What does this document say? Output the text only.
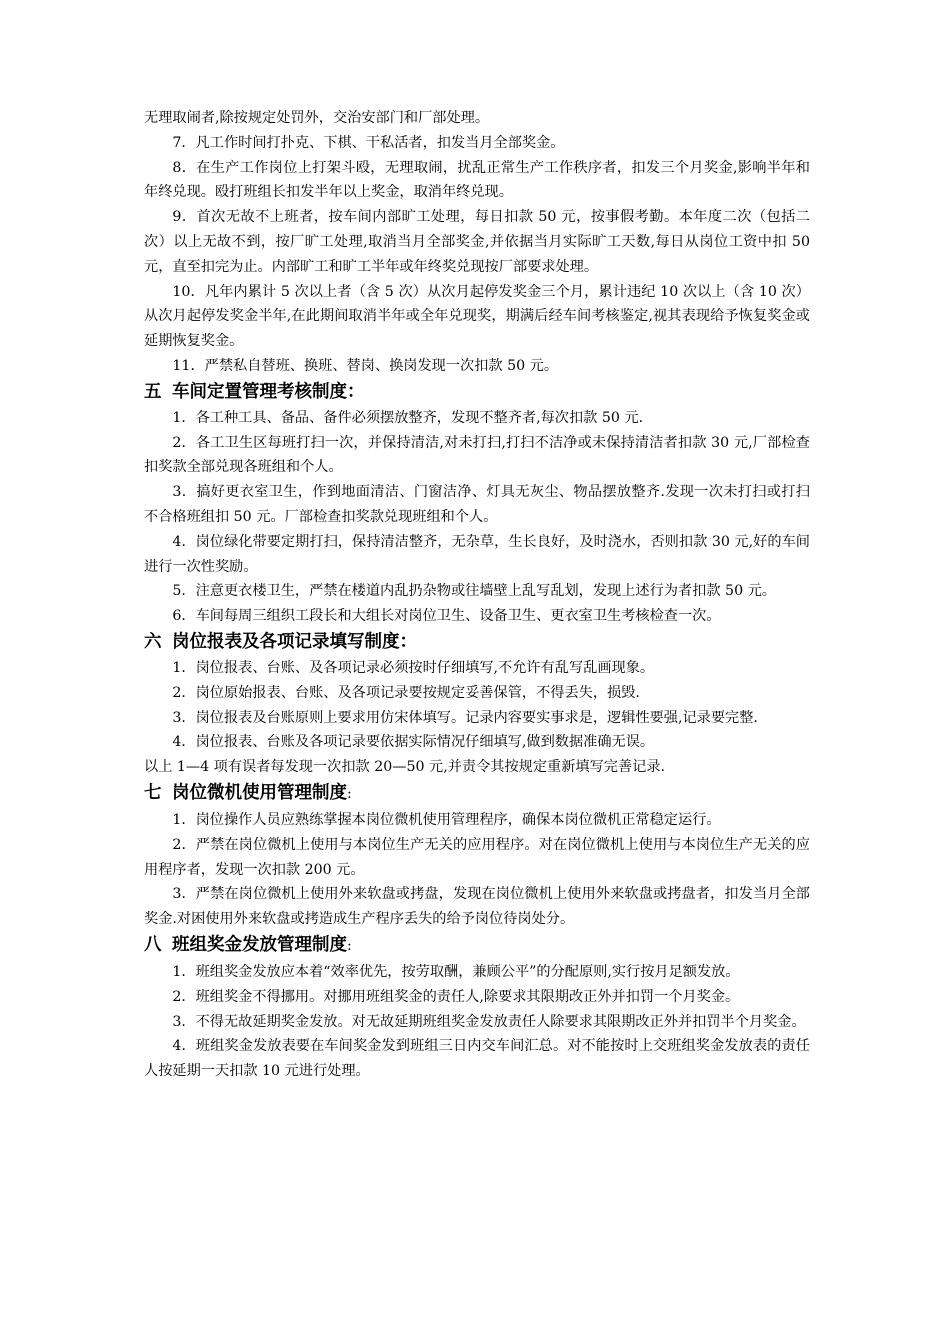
无理取闹者,除按规定处罚外，交治安部门和厂部处理。

7．凡工作时间打扑克、下棋、干私活者，扣发当月全部奖金。

8．在生产工作岗位上打架斗殴，无理取闹，扰乱正常生产工作秩序者，扣发三个月奖金,影响半年和年终兑现。殴打班组长扣发半年以上奖金，取消年终兑现。

9．首次无故不上班者，按车间内部旷工处理，每日扣款 50 元，按事假考勤。本年度二次（包括二次）以上无故不到，按厂旷工处理,取消当月全部奖金,并依据当月实际旷工天数,每日从岗位工资中扣 50 元，直至扣完为止。内部旷工和旷工半年或年终奖兑现按厂部要求处理。

10．凡年内累计 5 次以上者（含 5 次）从次月起停发奖金三个月，累计违纪 10 次以上（含 10 次）从次月起停发奖金半年,在此期间取消半年或全年兑现奖，期满后经车间考核鉴定,视其表现给予恢复奖金或延期恢复奖金。

11．严禁私自替班、换班、替岗、换岗发现一次扣款 50 元。

五 车间定置管理考核制度：

1．各工种工具、备品、备件必须摆放整齐，发现不整齐者,每次扣款 50 元.

2．各工卫生区每班打扫一次，并保持清洁,对未打扫,打扫不洁净或未保持清洁者扣款 30 元,厂部检查扣奖款全部兑现各班组和个人。

3．搞好更衣室卫生，作到地面清洁、门窗洁净、灯具无灰尘、物品摆放整齐.发现一次未打扫或打扫不合格班组扣 50 元。厂部检查扣奖款兑现班组和个人。

4．岗位绿化带要定期打扫，保持清洁整齐，无杂草，生长良好，及时浇水，否则扣款 30 元,好的车间进行一次性奖励。

5．注意更衣楼卫生，严禁在楼道内乱扔杂物或往墙壁上乱写乱划，发现上述行为者扣款 50 元。

6．车间每周三组织工段长和大组长对岗位卫生、设备卫生、更衣室卫生考核检查一次。

六 岗位报表及各项记录填写制度：

1．岗位报表、台账、及各项记录必须按时仔细填写,不允许有乱写乱画现象。

2．岗位原始报表、台账、及各项记录要按规定妥善保管，不得丢失，损毁.

3．岗位报表及台账原则上要求用仿宋体填写。记录内容要实事求是，逻辑性要强,记录要完整.

4．岗位报表、台账及各项记录要依据实际情况仔细填写,做到数据准确无误。

以上 1—4 项有误者每发现一次扣款 20—50 元,并责令其按规定重新填写完善记录.

七 岗位微机使用管理制度:

1．岗位操作人员应熟练掌握本岗位微机使用管理程序，确保本岗位微机正常稳定运行。

2．严禁在岗位微机上使用与本岗位生产无关的应用程序。对在岗位微机上使用与本岗位生产无关的应用程序者，发现一次扣款 200 元。

3．严禁在岗位微机上使用外来软盘或拷盘，发现在岗位微机上使用外来软盘或拷盘者，扣发当月全部奖金.对困使用外来软盘或拷造成生产程序丢失的给予岗位待岗处分。

八 班组奖金发放管理制度:

1．班组奖金发放应本着“效率优先，按劳取酬，兼顾公平”的分配原则,实行按月足额发放。

2．班组奖金不得挪用。对挪用班组奖金的责任人,除要求其限期改正外并扣罚一个月奖金。

3．不得无故延期奖金发放。对无故延期班组奖金发放责任人除要求其限期改正外并扣罚半个月奖金。

4．班组奖金发放表要在车间奖金发到班组三日内交车间汇总。对不能按时上交班组奖金发放表的责任人按延期一天扣款 10 元进行处理。
